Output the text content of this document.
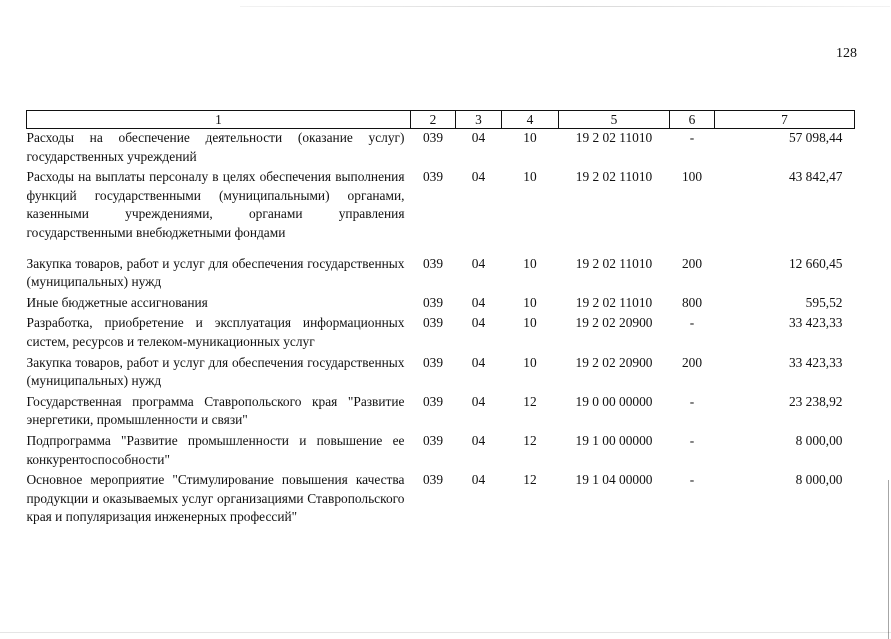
128
1	2	3	4	5	6	7
Расходы на обеспечение деятельности (оказание услуг) государственных учреждений	039	04	10	19 2 02 11010	-	57 098,44
Расходы на выплаты персоналу в целях обеспечения выполнения функций государственными (муниципальными) органами, казенными учреждениями, органами управления государственными внебюджетными фондами	039	04	10	19 2 02 11010	100	43 842,47
Закупка товаров, работ и услуг для обеспечения государственных (муниципальных) нужд	039	04	10	19 2 02 11010	200	12 660,45
Иные бюджетные ассигнования	039	04	10	19 2 02 11010	800	595,52
Разработка, приобретение и эксплуатация информационных систем, ресурсов и телеком-муникационных услуг	039	04	10	19 2 02 20900	-	33 423,33
Закупка товаров, работ и услуг для обеспечения государственных (муниципальных) нужд	039	04	10	19 2 02 20900	200	33 423,33
Государственная программа Ставропольского края "Развитие энергетики, промышленности и связи"	039	04	12	19 0 00 00000	-	23 238,92
Подпрограмма "Развитие промышленности и повышение ее конкурентоспособности"	039	04	12	19 1 00 00000	-	8 000,00
Основное мероприятие "Стимулирование повышения качества продукции и оказываемых услуг организациями Ставропольского края и популяризация инженерных профессий"	039	04	12	19 1 04 00000	-	8 000,00
